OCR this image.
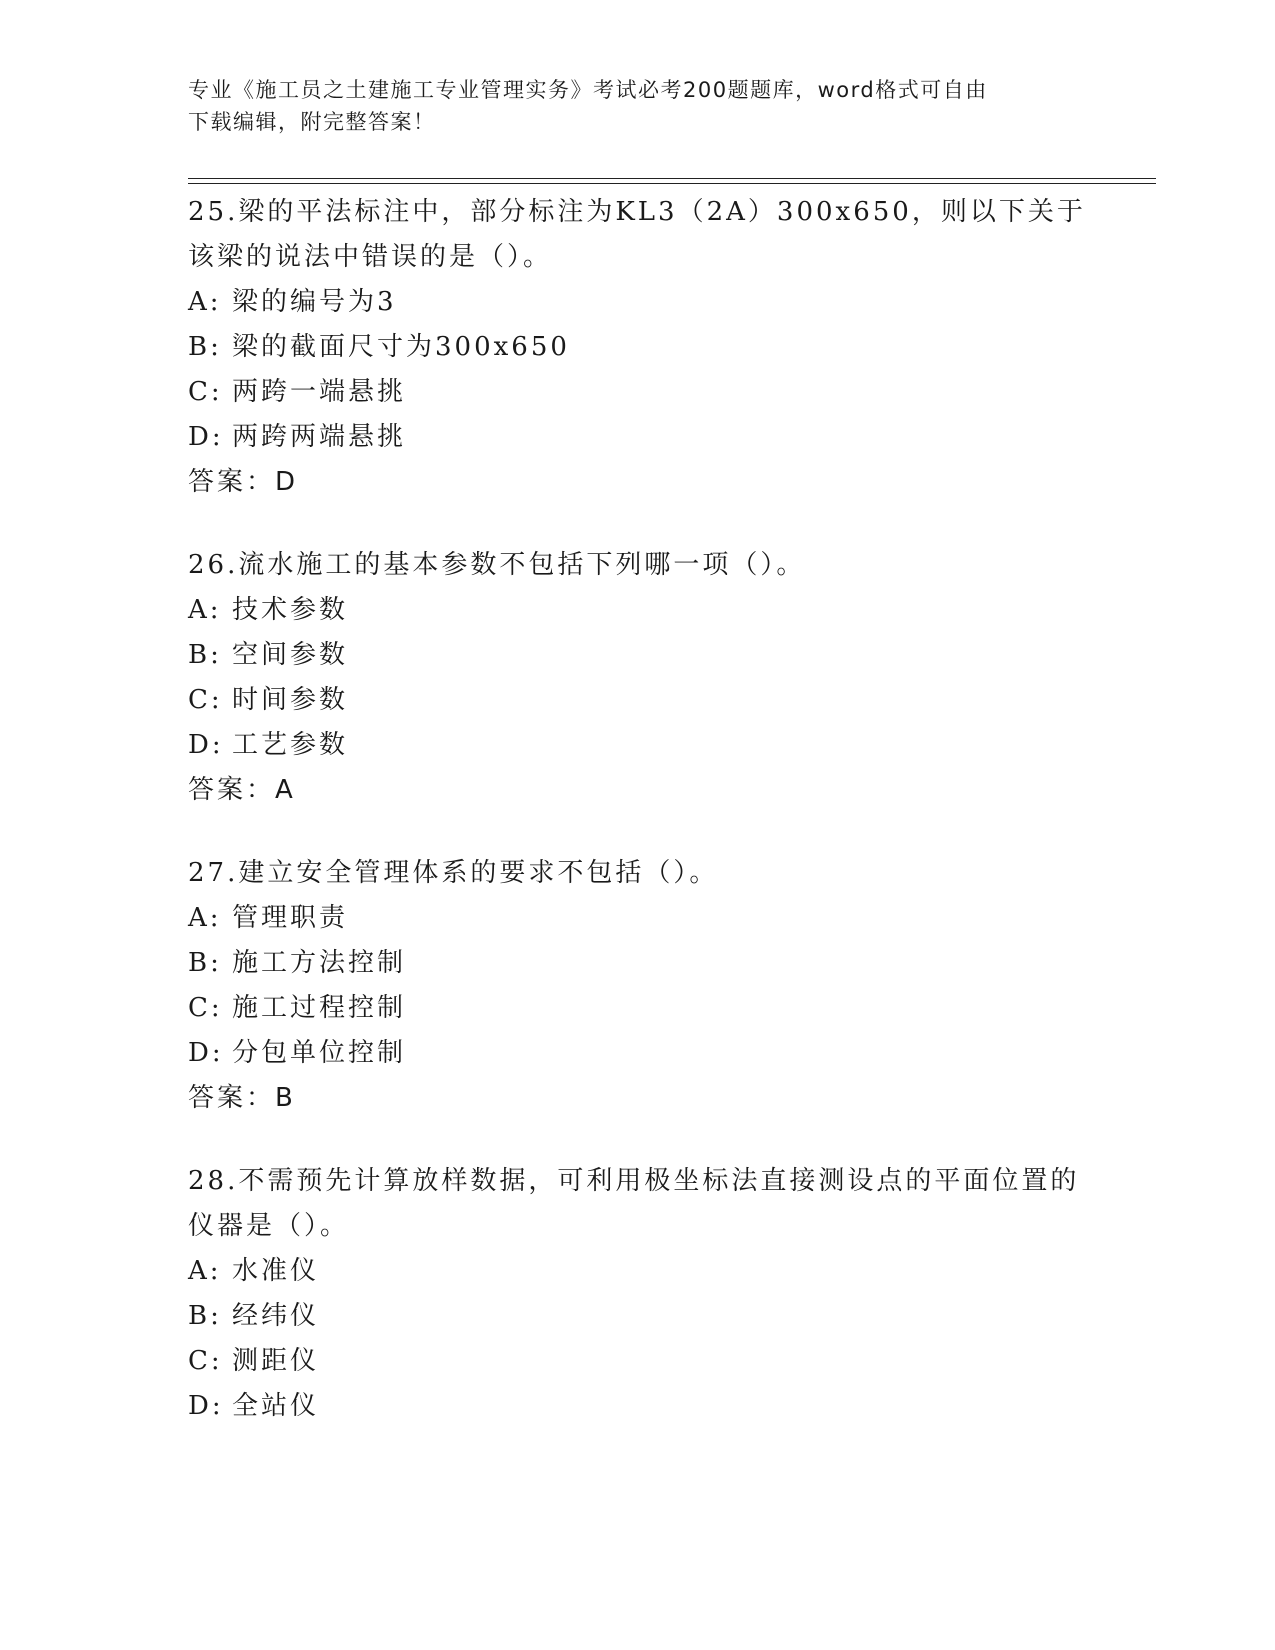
专业《施工员之土建施工专业管理实务》考试必考200题题库，word格式可自由
下载编辑，附完整答案！
25.梁的平法标注中，部分标注为KL3（2A）300x650，则以下关于该梁的说法中错误的是（）。
A: 梁的编号为3
B: 梁的截面尺寸为300x650
C: 两跨一端悬挑
D: 两跨两端悬挑
答案：D
26.流水施工的基本参数不包括下列哪一项（）。
A: 技术参数
B: 空间参数
C: 时间参数
D: 工艺参数
答案：A
27.建立安全管理体系的要求不包括（）。
A: 管理职责
B: 施工方法控制
C: 施工过程控制
D: 分包单位控制
答案：B
28.不需预先计算放样数据，可利用极坐标法直接测设点的平面位置的仪器是（）。
A: 水准仪
B: 经纬仪
C: 测距仪
D: 全站仪
